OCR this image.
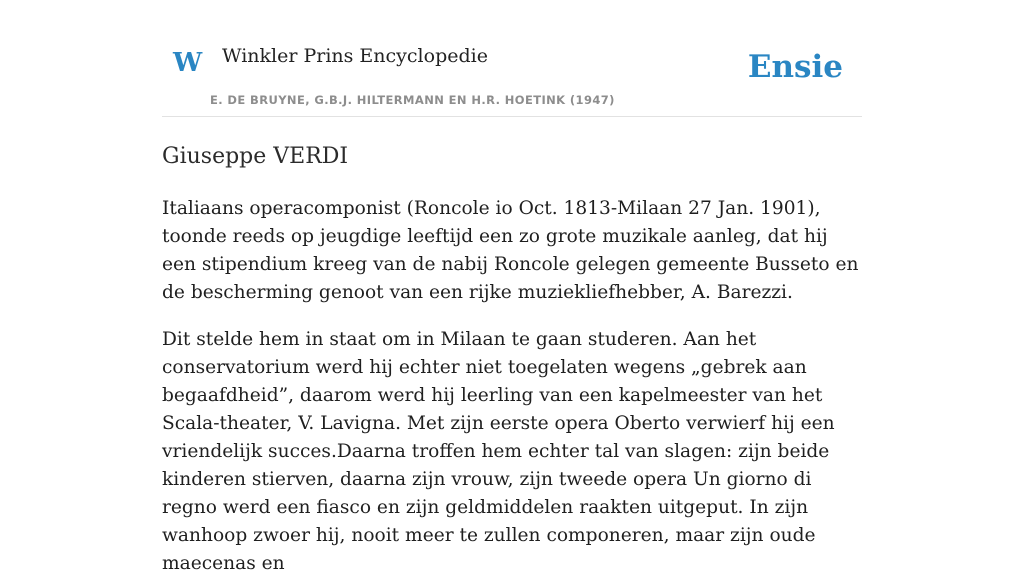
W Winkler Prins Encyclopedie
E. DE BRUYNE, G.B.J. HILTERMANN EN H.R. HOETINK (1947)
Ensie
Giuseppe VERDI

Italiaans operacomponist (Roncole io Oct. 1813-Milaan 27 Jan. 1901), toonde reeds op jeugdige leeftijd een zo grote muzikale aanleg, dat hij een stipendium kreeg van de nabij Roncole gelegen gemeente Busseto en de bescherming genoot van een rijke muziekliefhebber, A. Barezzi.

Dit stelde hem in staat om in Milaan te gaan studeren. Aan het conservatorium werd hij echter niet toegelaten wegens „gebrek aan begaafdheid”, daarom werd hij leerling van een kapelmeester van het Scala-theater, V. Lavigna. Met zijn eerste opera Oberto verwierf hij een vriendelijk succes.Daarna troffen hem echter tal van slagen: zijn beide kinderen stierven, daarna zijn vrouw, zijn tweede opera Un giorno di regno werd een fiasco en zijn geldmiddelen raakten uitgeput. In zijn wanhoop zwoer hij, nooit meer te zullen componeren, maar zijn oude maecenas en
